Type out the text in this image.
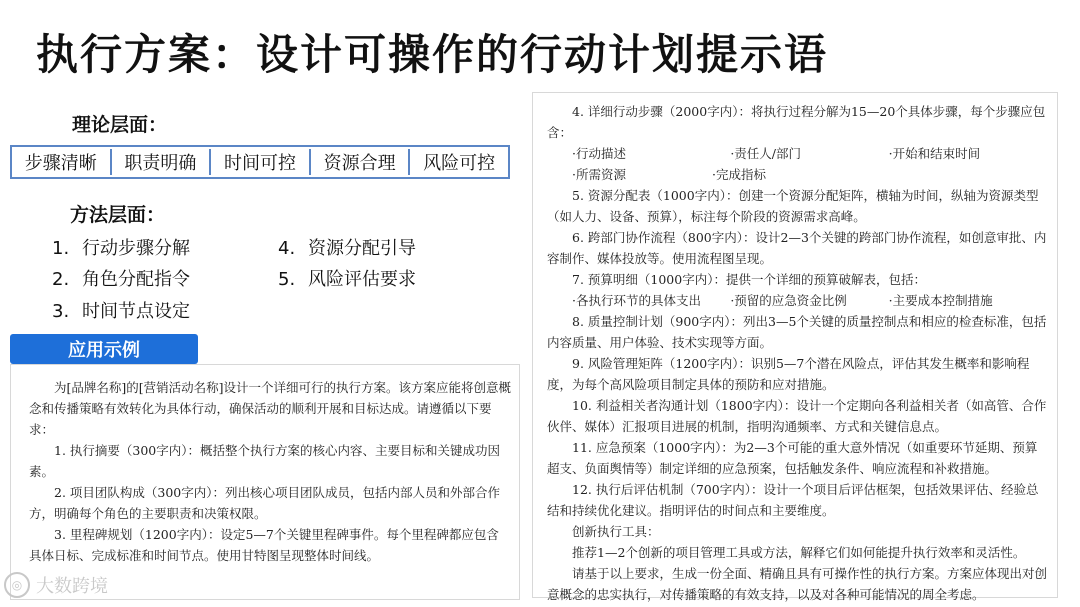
执行方案：设计可操作的行动计划提示语
理论层面：
步骤清晰	职责明确	时间可控	资源合理	风险可控
方法层面：
1. 行动步骤分解
2. 角色分配指令
3. 时间节点设定
4. 资源分配引导
5. 风险评估要求
应用示例

为[品牌名称]的[营销活动名称]设计一个详细可行的执行方案。该方案应能将创意概念和传播策略有效转化为具体行动，确保活动的顺利开展和目标达成。请遵循以下要求：

1. 执行摘要（300字内）：概括整个执行方案的核心内容、主要目标和关键成功因素。

2. 项目团队构成（300字内）：列出核心项目团队成员，包括内部人员和外部合作方，明确每个角色的主要职责和决策权限。

3. 里程碑规划（1200字内）：设定5—7个关键里程碑事件。每个里程碑都应包含具体日标、完成标准和时间节点。使用甘特图呈现整体时间线。

4. 详细行动步骤（2000字内）：将执行过程分解为15—20个具体步骤，每个步骤应包含：

·行动描述	·责任人/部门	·开始和结束时间
·所需资源	·完成指标

5. 资源分配表（1000字内）：创建一个资源分配矩阵，横轴为时间，纵轴为资源类型（如人力、设备、预算），标注每个阶段的资源需求高峰。

6. 跨部门协作流程（800字内）：设计2—3个关键的跨部门协作流程，如创意审批、内容制作、媒体投放等。使用流程图呈现。

7. 预算明细（1000字内）：提供一个详细的预算破解表，包括：

·各执行环节的具体支出	·预留的应急资金比例	·主要成本控制措施

8. 质量控制计划（900字内）：列出3—5个关键的质量控制点和相应的检查标准，包括内容质量、用户体验、技术实现等方面。

9. 风险管理矩阵（1200字内）：识别5—7个潜在风险点，评估其发生概率和影响程度，为每个高风险项目制定具体的预防和应对措施。

10. 利益相关者沟通计划（1800字内）：设计一个定期向各利益相关者（如高管、合作伙伴、媒体）汇报项目进展的机制，指明沟通频率、方式和关键信息点。

11. 应急预案（1000字内）：为2—3个可能的重大意外情况（如重要环节延期、预算超支、负面舆情等）制定详细的应急预案，包括触发条件、响应流程和补救措施。

12. 执行后评估机制（700字内）：设计一个项目后评估框架，包括效果评估、经验总结和持续优化建议。指明评估的时间点和主要维度。

创新执行工具：

推荐1—2个创新的项目管理工具或方法，解释它们如何能提升执行效率和灵活性。

请基于以上要求，生成一份全面、精确且具有可操作性的执行方案。方案应体现出对创意概念的忠实执行，对传播策略的有效支持，以及对各种可能情况的周全考虑。

◎ 大数跨境
